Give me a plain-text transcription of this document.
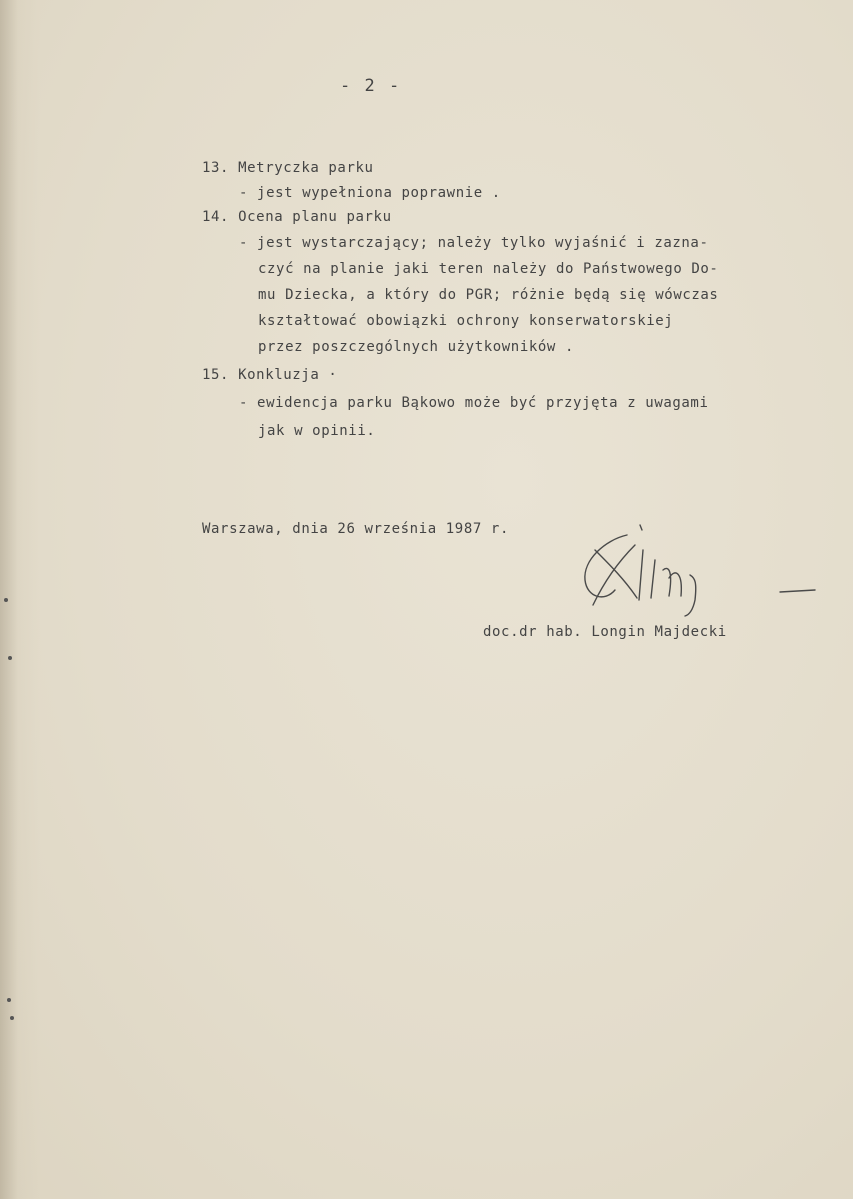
- 2 -
13. Metryczka parku
- jest wypełniona poprawnie .
14. Ocena planu parku
- jest wystarczający; należy tylko wyjaśnić i zazna-
czyć na planie jaki teren należy do Państwowego Do-
mu Dziecka, a który do PGR; różnie będą się wówczas
kształtować obowiązki ochrony konserwatorskiej
przez poszczególnych użytkowników .
15. Konkluzja ·
- ewidencja parku Bąkowo może być przyjęta z uwagami
jak w opinii.
Warszawa, dnia 26 września 1987 r.
doc.dr hab. Longin Majdecki
